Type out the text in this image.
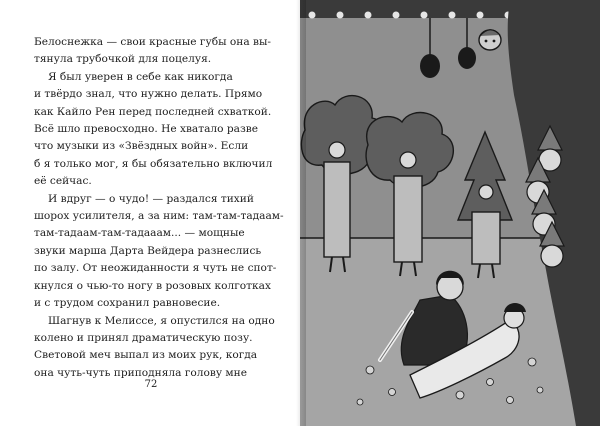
Белоснежка — свои красные губы она вы-
тянула трубочкой для поцелуя.
Я был уверен в себе как никогда
и твёрдо знал, что нужно делать. Прямо
как Кайло Рен перед последней схваткой.
Всё шло превосходно. Не хватало разве
что музыки из «Звёздных войн». Если
б я только мог, я бы обязательно включил
её сейчас.
И вдруг — о чудо! — раздался тихий
шорох усилителя, а за ним: там-там-тадаам-
там-тадаам-там-тадааам... — мощные
звуки марша Дарта Вейдера разнеслись
по залу. От неожиданности я чуть не спот-
кнулся о чью-то ногу в розовых колготках
и с трудом сохранил равновесие.
Шагнув к Мелиссе, я опустился на одно
колено и принял драматическую позу.
Световой меч выпал из моих рук, когда
она чуть-чуть приподняла голову мне
72
